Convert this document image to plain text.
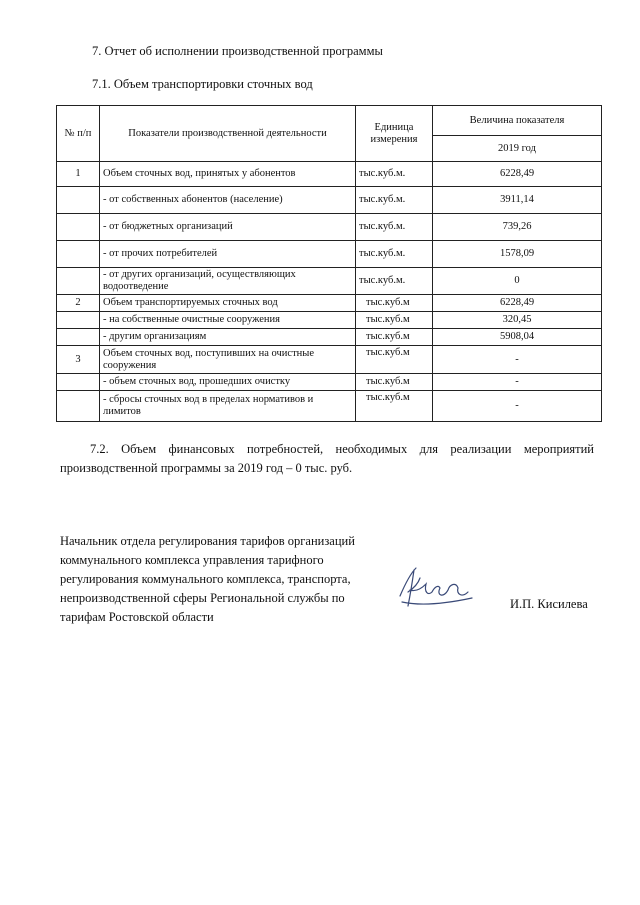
7. Отчет об исполнении производственной программы
7.1. Объем транспортировки сточных вод
№ п/п	Показатели производственной деятельности	Единица измерения	Величина показателя
			2019 год
1	Объем сточных вод, принятых у абонентов	тыс.куб.м.	6228,49
	- от собственных абонентов (население)	тыс.куб.м.	3911,14
	- от бюджетных организаций	тыс.куб.м.	739,26
	- от прочих потребителей	тыс.куб.м.	1578,09
	- от других организаций, осуществляющих водоотведение	тыс.куб.м.	0
2	Объем транспортируемых сточных вод	тыс.куб.м	6228,49
	- на собственные очистные сооружения	тыс.куб.м	320,45
	- другим организациям	тыс.куб.м	5908,04
3	Объем сточных вод, поступивших на очистные сооружения	тыс.куб.м	-
	- объем сточных вод, прошедших очистку	тыс.куб.м	-
	- сбросы сточных вод в пределах нормативов и лимитов	тыс.куб.м	-
7.2. Объем финансовых потребностей, необходимых для реализации мероприятий производственной программы за 2019 год – 0 тыс. руб.
Начальник отдела регулирования тарифов организаций коммунального комплекса управления тарифного регулирования коммунального комплекса, транспорта, непроизводственной сферы Региональной службы по тарифам Ростовской области
И.П. Кисилева
